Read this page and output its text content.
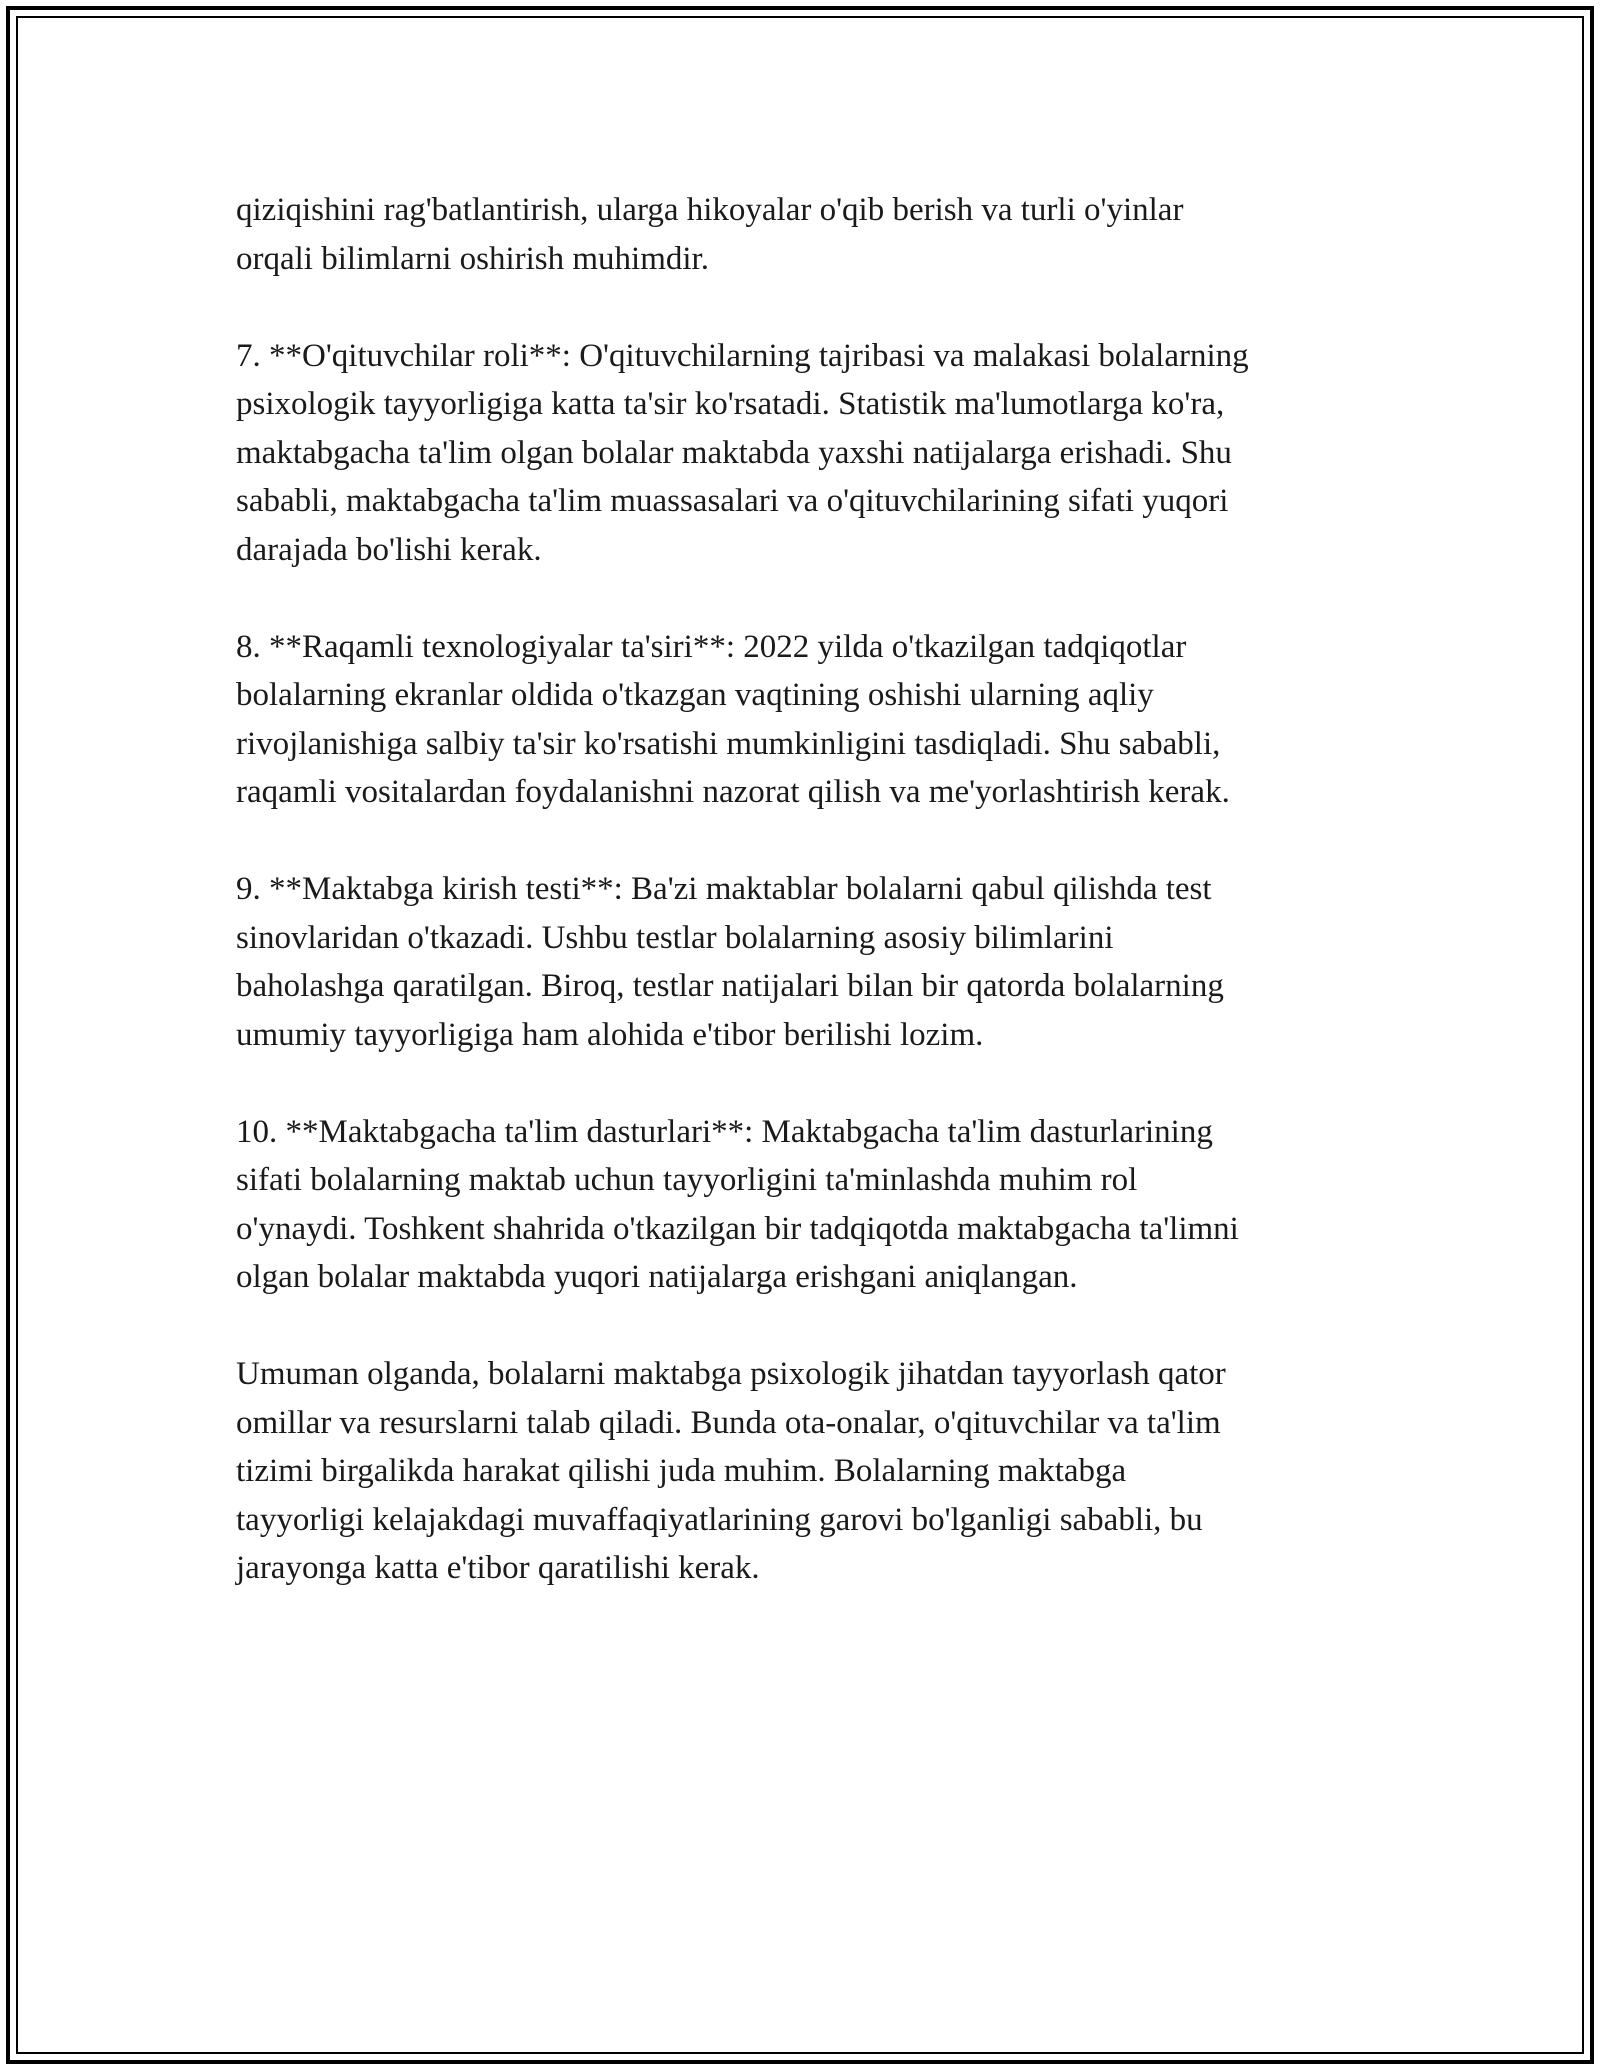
qiziqishini rag'batlantirish, ularga hikoyalar o'qib berish va turli o'yinlar
orqali bilimlarni oshirish muhimdir.

7. **O'qituvchilar roli**: O'qituvchilarning tajribasi va malakasi bolalarning
psixologik tayyorligiga katta ta'sir ko'rsatadi. Statistik ma'lumotlarga ko'ra,
maktabgacha ta'lim olgan bolalar maktabda yaxshi natijalarga erishadi. Shu
sababli, maktabgacha ta'lim muassasalari va o'qituvchilarining sifati yuqori
darajada bo'lishi kerak.

8. **Raqamli texnologiyalar ta'siri**: 2022 yilda o'tkazilgan tadqiqotlar
bolalarning ekranlar oldida o'tkazgan vaqtining oshishi ularning aqliy
rivojlanishiga salbiy ta'sir ko'rsatishi mumkinligini tasdiqladi. Shu sababli,
raqamli vositalardan foydalanishni nazorat qilish va me'yorlashtirish kerak.

9. **Maktabga kirish testi**: Ba'zi maktablar bolalarni qabul qilishda test
sinovlaridan o'tkazadi. Ushbu testlar bolalarning asosiy bilimlarini
baholashga qaratilgan. Biroq, testlar natijalari bilan bir qatorda bolalarning
umumiy tayyorligiga ham alohida e'tibor berilishi lozim.

10. **Maktabgacha ta'lim dasturlari**: Maktabgacha ta'lim dasturlarining
sifati bolalarning maktab uchun tayyorligini ta'minlashda muhim rol
o'ynaydi. Toshkent shahrida o'tkazilgan bir tadqiqotda maktabgacha ta'limni
olgan bolalar maktabda yuqori natijalarga erishgani aniqlangan.

Umuman olganda, bolalarni maktabga psixologik jihatdan tayyorlash qator
omillar va resurslarni talab qiladi. Bunda ota-onalar, o'qituvchilar va ta'lim
tizimi birgalikda harakat qilishi juda muhim. Bolalarning maktabga
tayyorligi kelajakdagi muvaffaqiyatlarining garovi bo'lganligi sababli, bu
jarayonga katta e'tibor qaratilishi kerak.
